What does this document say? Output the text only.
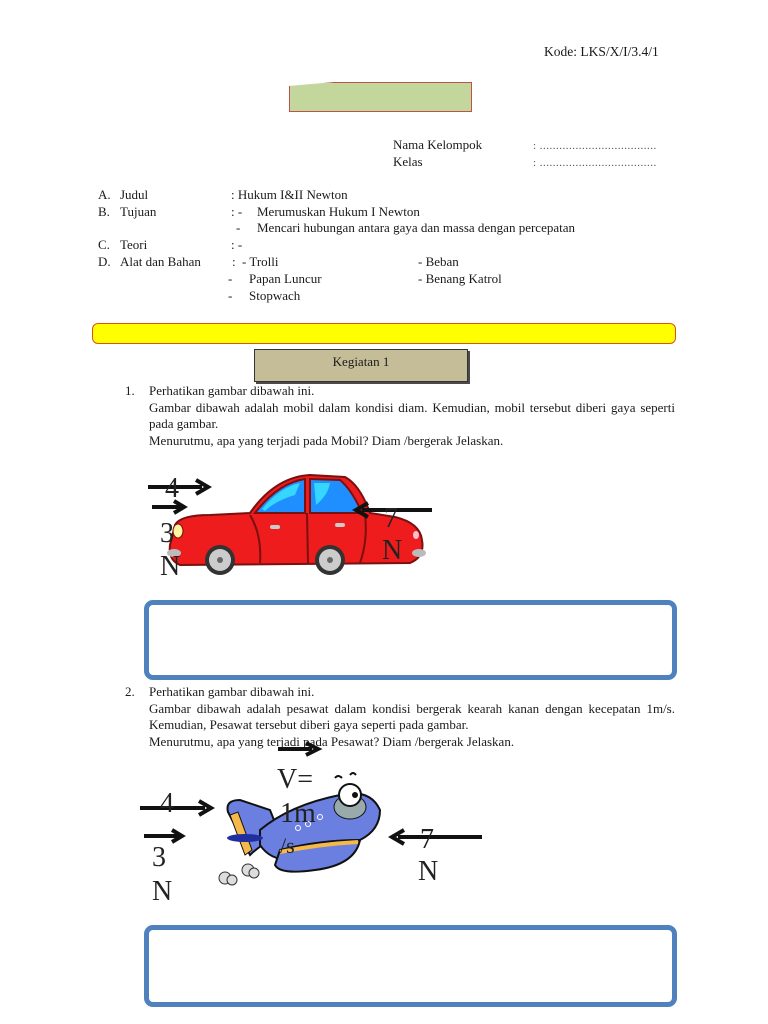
Kode: LKS/X/I/3.4/1
Nama Kelompok	: ....................................
Kelas	: ....................................
A. Judul	: Hukum I&II Newton
B. Tujuan	: - Merumuskan Hukum I Newton
- Mencari hubungan antara gaya dan massa dengan percepatan
C. Teori	: -
D. Alat dan Bahan : - Trolli
- Papan Luncur
- Stopwach
- Beban
- Benang Katrol
Kegiatan 1
1. Perhatikan gambar dibawah ini.
Gambar dibawah adalah mobil dalam kondisi diam. Kemudian, mobil tersebut diberi gaya seperti pada gambar.
Menurutmu, apa yang terjadi pada Mobil? Diam /bergerak Jelaskan.
4
3
N
7
N
2. Perhatikan gambar dibawah ini.
Gambar dibawah adalah pesawat dalam kondisi bergerak kearah kanan dengan kecepatan 1m/s. Kemudian, Pesawat tersebut diberi gaya seperti pada gambar.
Menurutmu, apa yang terjadi pada Pesawat? Diam /bergerak Jelaskan.
V=
1m
/s
4
3
N
7
N
